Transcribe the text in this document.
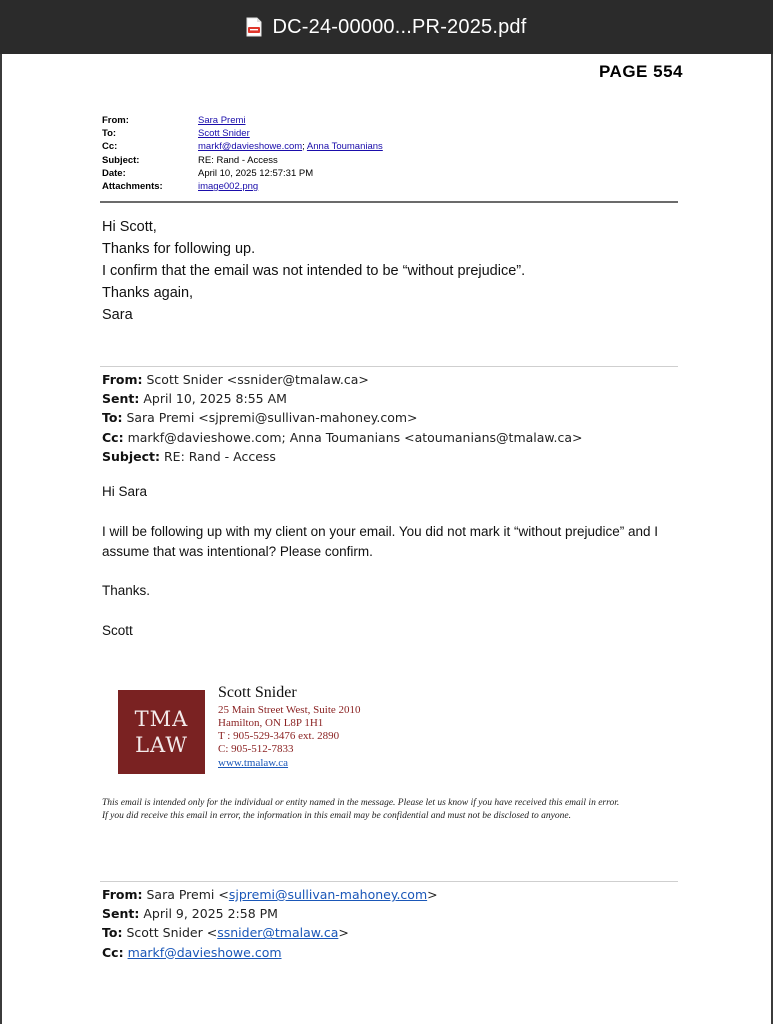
DC-24-00000...PR-2025.pdf
PAGE 554
From:	Sara Premi
To:	Scott Snider
Cc:	markf@davieshowe.com; Anna Toumanians
Subject:	RE: Rand - Access
Date:	April 10, 2025 12:57:31 PM
Attachments:	image002.png
Hi Scott,
Thanks for following up.
I confirm that the email was not intended to be “without prejudice”.
Thanks again,
Sara
From: Scott Snider <ssnider@tmalaw.ca>
Sent: April 10, 2025 8:55 AM
To: Sara Premi <sjpremi@sullivan-mahoney.com>
Cc: markf@davieshowe.com; Anna Toumanians <atoumanians@tmalaw.ca>
Subject: RE: Rand - Access

Hi Sara

I will be following up with my client on your email. You did not mark it “without prejudice” and I assume that was intentional? Please confirm.

Thanks.

Scott

TMA
LAW
Scott Snider
25 Main Street West, Suite 2010
Hamilton, ON L8P 1H1
T : 905-529-3476 ext. 2890
C: 905-512-7833
www.tmalaw.ca
This email is intended only for the individual or entity named in the message. Please let us know if you have received this email in error.
If you did receive this email in error, the information in this email may be confidential and must not be disclosed to anyone.
From: Sara Premi <sjpremi@sullivan-mahoney.com>
Sent: April 9, 2025 2:58 PM
To: Scott Snider <ssnider@tmalaw.ca>
Cc: markf@davieshowe.com
